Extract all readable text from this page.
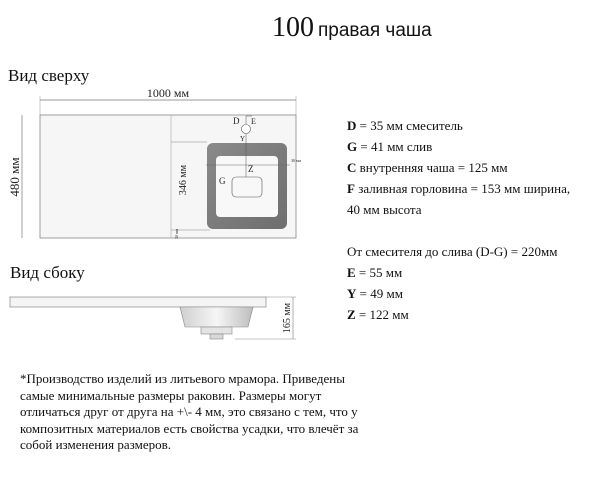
100 правая чаша
Вид сверху
Вид сбоку
1000 мм
480 мм	346 мм
30 мм
30 мм
D E
Y
Z
G
165 мм
D = 35 мм смеситель
G = 41 мм слив
C внутренняя чаша = 125 мм
F заливная горловина = 153 мм ширина,
40 мм высота
От смесителя до слива (D-G) = 220мм
E = 55 мм
Y = 49 мм
Z = 122 мм
*Производство изделий из литьевого мрамора. Приведены самые минимальные размеры раковин. Размеры могут отличаться друг от друга на +\- 4 мм, это связано с тем, что у композитных материалов есть свойства усадки, что влечёт за собой изменения размеров.
